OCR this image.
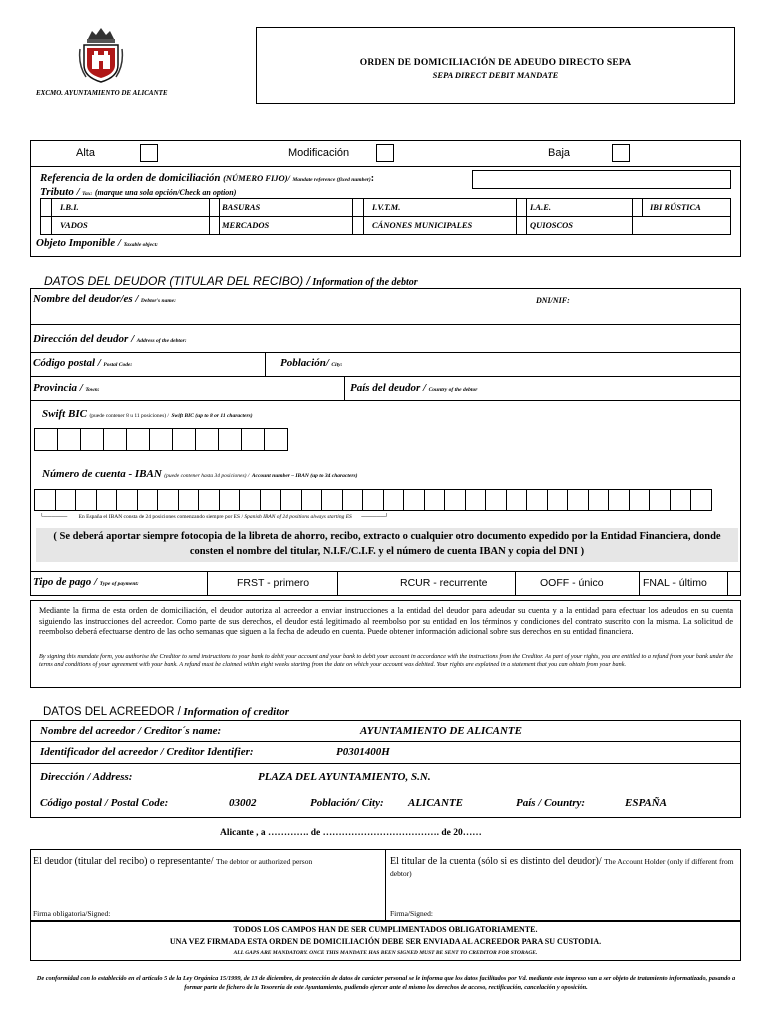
EXCMO. AYUNTAMIENTO DE ALICANTE
ORDEN DE DOMICILIACIÓN DE ADEUDO DIRECTO SEPA
SEPA DIRECT DEBIT MANDATE
Alta	Modificación	Baja
Referencia de la orden de domiciliación (NÚMERO FIJO)/ Mandate reference (fixed number):
Tributo / Tax: (marque una sola opción/Check an option)
I.B.I.	BASURAS	I.V.T.M.	I.A.E.	IBI RÚSTICA
VADOS	MERCADOS	CÁNONES MUNICIPALES	QUIOSCOS
Objeto Imponible / Taxable object:
DATOS DEL DEUDOR (TITULAR DEL RECIBO) / Information of the debtor
Nombre del deudor/es / Debtor's name:	DNI/NIF:
Dirección del deudor / Address of the debtor:
Código postal / Postal Code:	Población/ City:
Provincia / Town:	País del deudor / Country of the debtor
Swift BIC (puede contener 8 u 11 posiciones) / Swift BIC (up to 8 or 11 characters)
Número de cuenta - IBAN (puede contener hasta 34 posiciones) / Account number – IBAN (up to 34 characters)
└────── En España el IBAN consta de 24 posiciones comenzando siempre por ES / Spanish IBAN of 24 positions always starting ES ──────┘
( Se deberá aportar siempre fotocopia de la libreta de ahorro, recibo, extracto o cualquier otro documento expedido por la Entidad Financiera, donde consten el nombre del titular, N.I.F./C.I.F. y el número de cuenta IBAN y copia del DNI )
Tipo de pago / Type of payment:	FRST - primero	RCUR - recurrente	OOFF - único	FNAL - último
Mediante la firma de esta orden de domiciliación, el deudor autoriza al acreedor a enviar instrucciones a la entidad del deudor para adeudar su cuenta y a la entidad para efectuar los adeudos en su cuenta siguiendo las instrucciones del acreedor. Como parte de sus derechos, el deudor está legitimado al reembolso por su entidad en los términos y condiciones del contrato suscrito con la misma. La solicitud de reembolso deberá efectuarse dentro de las ocho semanas que siguen a la fecha de adeudo en cuenta. Puede obtener información adicional sobre sus derechos en su entidad financiera.
By signing this mandate form, you authorise the Creditor to send instructions to your bank to debit your account and your bank to debit your account in accordance with the instructions from the Creditor. As part of your rights, you are entitled to a refund from your bank under the terms and conditions of your agreement with your bank. A refund must be claimed within eight weeks starting from the date on which your account was debited. Your rights are explained in a statement that you can obtain from your bank.
DATOS DEL ACREEDOR / Information of creditor
Nombre del acreedor / Creditor´s name:	AYUNTAMIENTO DE ALICANTE
Identificador del acreedor / Creditor Identifier:	P0301400H
Dirección / Address:	PLAZA DEL AYUNTAMIENTO, S.N.
Código postal / Postal Code:	03002	Población/ City: ALICANTE	País / Country:	ESPAÑA
Alicante , a …………. de ………………………………. de 20……
El deudor (titular del recibo) o representante/ The debtor or authorized person	El titular de la cuenta (sólo si es distinto del deudor)/ The Account Holder (only if different from debtor)
Firma obligatoria/Signed:	Firma/Signed:
TODOS LOS CAMPOS HAN DE SER CUMPLIMENTADOS OBLIGATORIAMENTE.
UNA VEZ FIRMADA ESTA ORDEN DE DOMICILIACIÓN DEBE SER ENVIADA AL ACREEDOR PARA SU CUSTODIA.
ALL GAPS ARE MANDATORY. ONCE THIS MANDATE HAS BEEN SIGNED MUST BE SENT TO CREDITOR FOR STORAGE.
De conformidad con lo establecido en el artículo 5 de la Ley Orgánica 15/1999, de 13 de diciembre, de protección de datos de carácter personal se le informa que los datos facilitados por Vd. mediante este impreso van a ser objeto de tratamiento informatizado, pasando a formar parte de fichero de la Tesorería de este Ayuntamiento, pudiendo ejercer ante el mismo los derechos de acceso, rectificación, cancelación y oposición.
